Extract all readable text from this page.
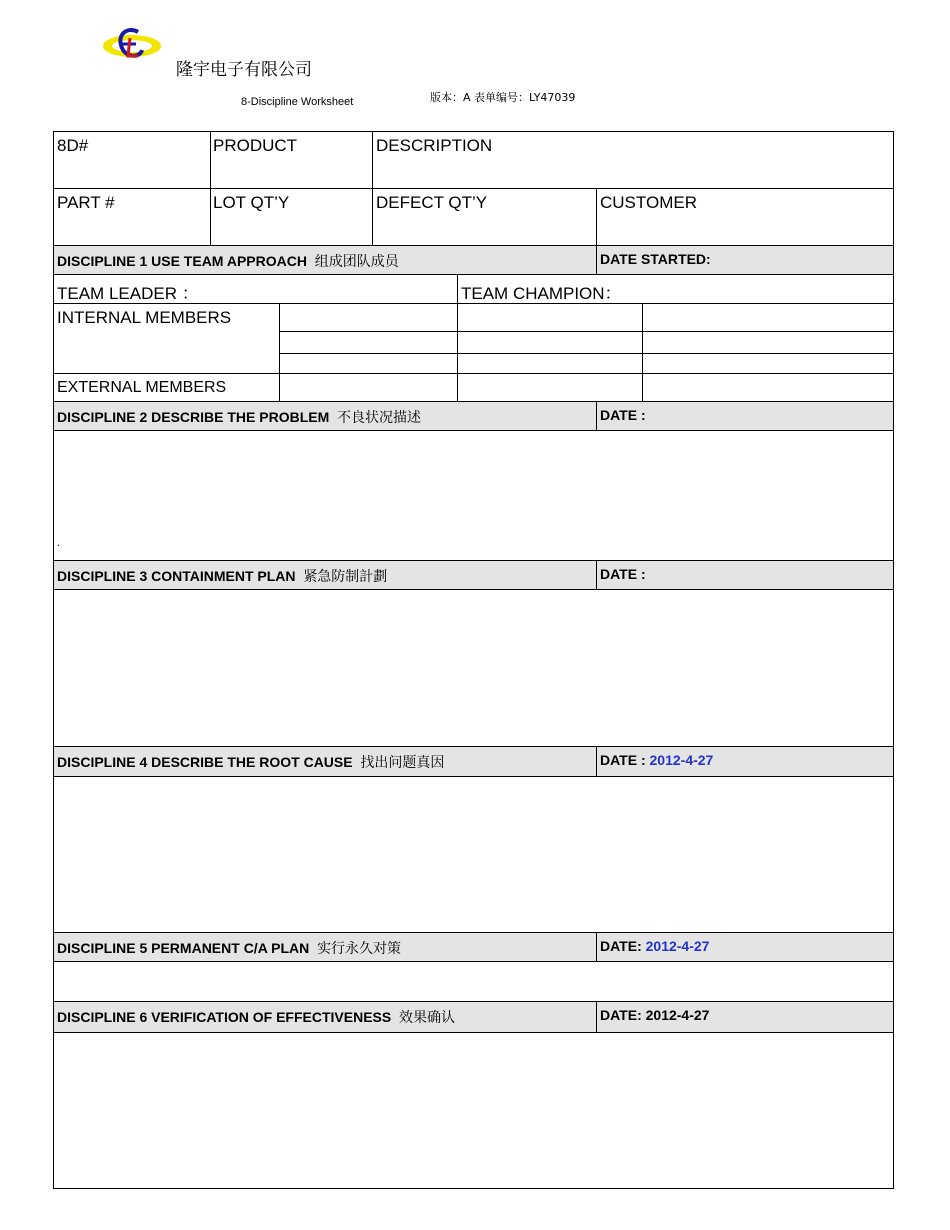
隆宇电子有限公司
8-Discipline Worksheet	版本：A 表单编号：LY47039
8D#	PRODUCT	DESCRIPTION
PART #	LOT QT’Y	DEFECT QT’Y	CUSTOMER
DISCIPLINE 1 USE TEAM APPROACH 组成团队成员	DATE STARTED:
TEAM LEADER ：	TEAM CHAMPION：
INTERNAL MEMBERS
EXTERNAL MEMBERS
DISCIPLINE 2 DESCRIBE THE PROBLEM 不良状况描述	DATE :
.
DISCIPLINE 3 CONTAINMENT PLAN 紧急防制計劃	DATE :
DISCIPLINE 4 DESCRIBE THE ROOT CAUSE 找出问题真因	DATE : 2012-4-27
DISCIPLINE 5 PERMANENT C/A PLAN 实行永久对策	DATE: 2012-4-27
DISCIPLINE 6 VERIFICATION OF EFFECTIVENESS 效果确认	DATE: 2012-4-27
